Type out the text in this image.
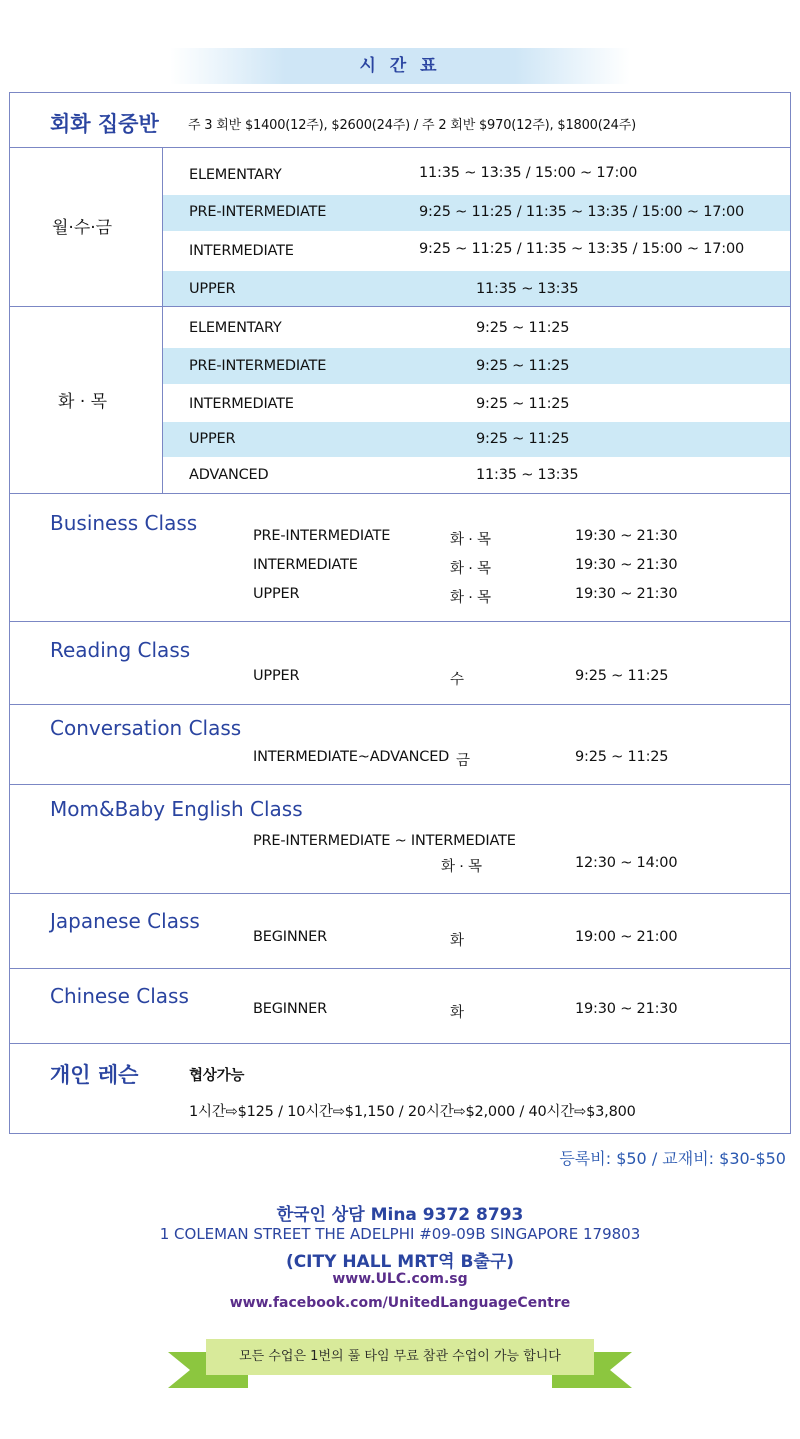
시 간 표
회화 집중반 주 3 회반 $1400(12주), $2600(24주) / 주 2 회반 $970(12주), $1800(24주)
월·수·금
ELEMENTARY	11:35 ~ 13:35 / 15:00 ~ 17:00
PRE-INTERMEDIATE	9:25 ~ 11:25 / 11:35 ~ 13:35 / 15:00 ~ 17:00
INTERMEDIATE	9:25 ~ 11:25 / 11:35 ~ 13:35 / 15:00 ~ 17:00
UPPER	11:35 ~ 13:35
화 · 목
ELEMENTARY	9:25 ~ 11:25
PRE-INTERMEDIATE	9:25 ~ 11:25
INTERMEDIATE	9:25 ~ 11:25
UPPER	9:25 ~ 11:25
ADVANCED	11:35 ~ 13:35
Business Class
PRE-INTERMEDIATE	화 · 목	19:30 ~ 21:30
INTERMEDIATE	화 · 목	19:30 ~ 21:30
UPPER	화 · 목	19:30 ~ 21:30
Reading Class
UPPER	수	9:25 ~ 11:25
Conversation Class
INTERMEDIATE~ADVANCED 금	9:25 ~ 11:25
Mom&Baby English Class
PRE-INTERMEDIATE ~ INTERMEDIATE
화 · 목	12:30 ~ 14:00
Japanese Class
BEGINNER	화	19:00 ~ 21:00
Chinese Class
BEGINNER	화	19:30 ~ 21:30
개인 레슨	협상가능
1시간⇨$125 / 10시간⇨$1,150 / 20시간⇨$2,000 / 40시간⇨$3,800
등록비: $50 / 교재비: $30-$50
한국인 상담 Mina 9372 8793
1 COLEMAN STREET THE ADELPHI #09-09B SINGAPORE 179803
(CITY HALL MRT역 B출구)
www.ULC.com.sg
www.facebook.com/UnitedLanguageCentre
모든 수업은 1번의 풀 타임 무료 참관 수업이 가능 합니다
